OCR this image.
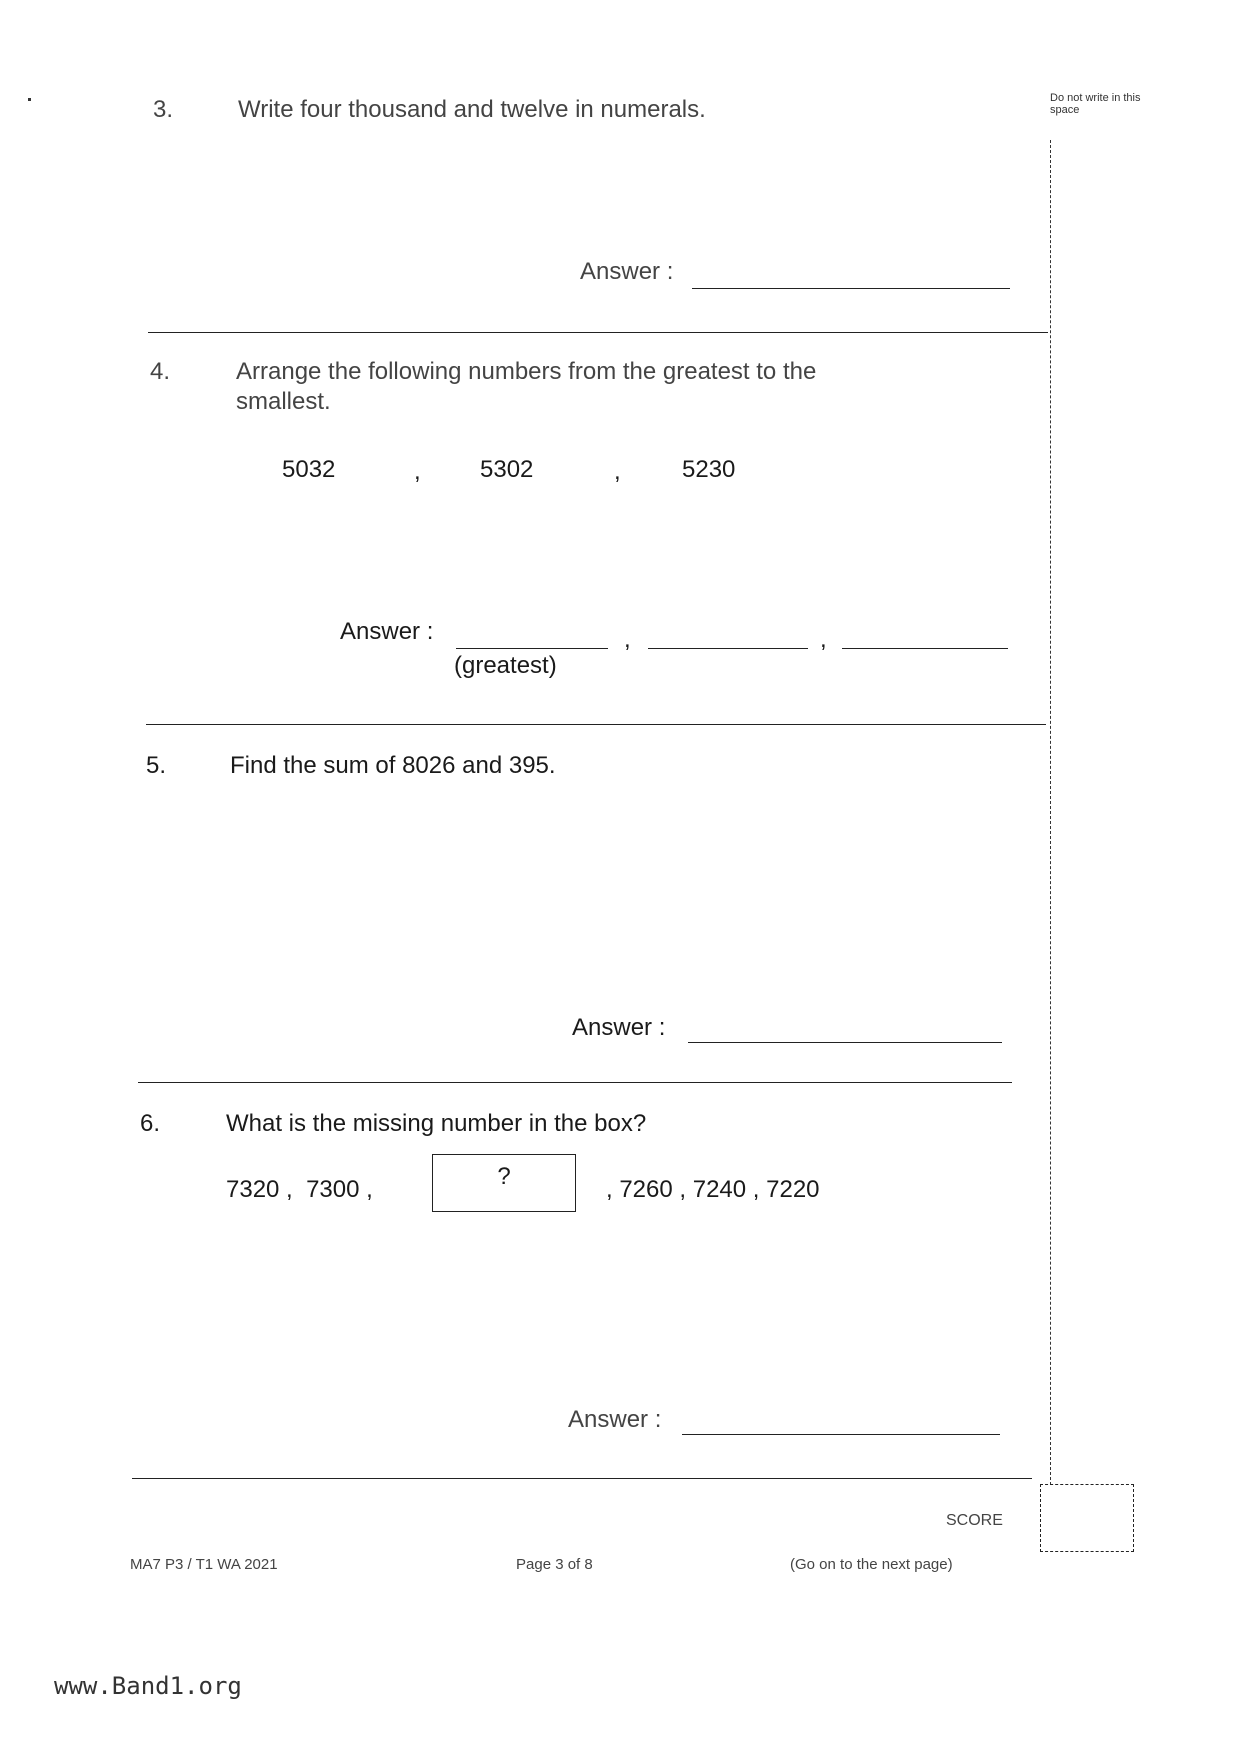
Do not write in this space
3.	Write four thousand and twelve in numerals.
Answer :
4.	Arrange the following numbers from the greatest to the
smallest.
5032	, 5302	,	5230
Answer :	,	,
(greatest)
5.	Find the sum of 8026 and 395.
Answer :
6.	What is the missing number in the box?
7320 ,  7300 ,	?	, 7260 , 7240 , 7220
Answer :
SCORE
MA7 P3 / T1 WA 2021	Page 3 of 8	(Go on to the next page)
www.Band1.org
